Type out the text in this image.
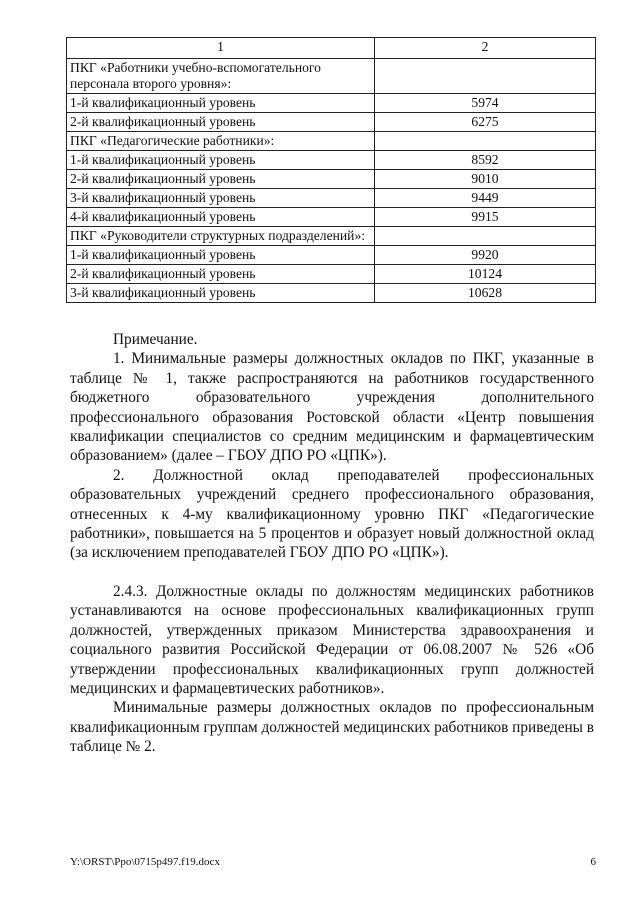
1	2
ПКГ «Работники учебно-вспомогательного персонала второго уровня»:	
1-й квалификационный уровень	5974
2-й квалификационный уровень	6275
ПКГ «Педагогические работники»:	
1-й квалификационный уровень	8592
2-й квалификационный уровень	9010
3-й квалификационный уровень	9449
4-й квалификационный уровень	9915
ПКГ «Руководители структурных подразделений»:	
1-й квалификационный уровень	9920
2-й квалификационный уровень	10124
3-й квалификационный уровень	10628

Примечание.

1. Минимальные размеры должностных окладов по ПКГ, указанные в таблице № 1, также распространяются на работников государственного бюджетного образовательного учреждения дополнительного профессионального образования Ростовской области «Центр повышения квалификации специалистов со средним медицинским и фармацевтическим образованием» (далее – ГБОУ ДПО РО «ЦПК»).

2. Должностной оклад преподавателей профессиональных образовательных учреждений среднего профессионального образования, отнесенных к 4-му квалификационному уровню ПКГ «Педагогические работники», повышается на 5 процентов и образует новый должностной оклад (за исключением преподавателей ГБОУ ДПО РО «ЦПК»).

2.4.3. Должностные оклады по должностям медицинских работников устанавливаются на основе профессиональных квалификационных групп должностей, утвержденных приказом Министерства здравоохранения и социального развития Российской Федерации от 06.08.2007 № 526 «Об утверждении профессиональных квалификационных групп должностей медицинских и фармацевтических работников».

Минимальные размеры должностных окладов по профессиональным квалификационным группам должностей медицинских работников приведены в таблице № 2.

Y:\ORST\Ppo\0715p497.f19.docx	6
